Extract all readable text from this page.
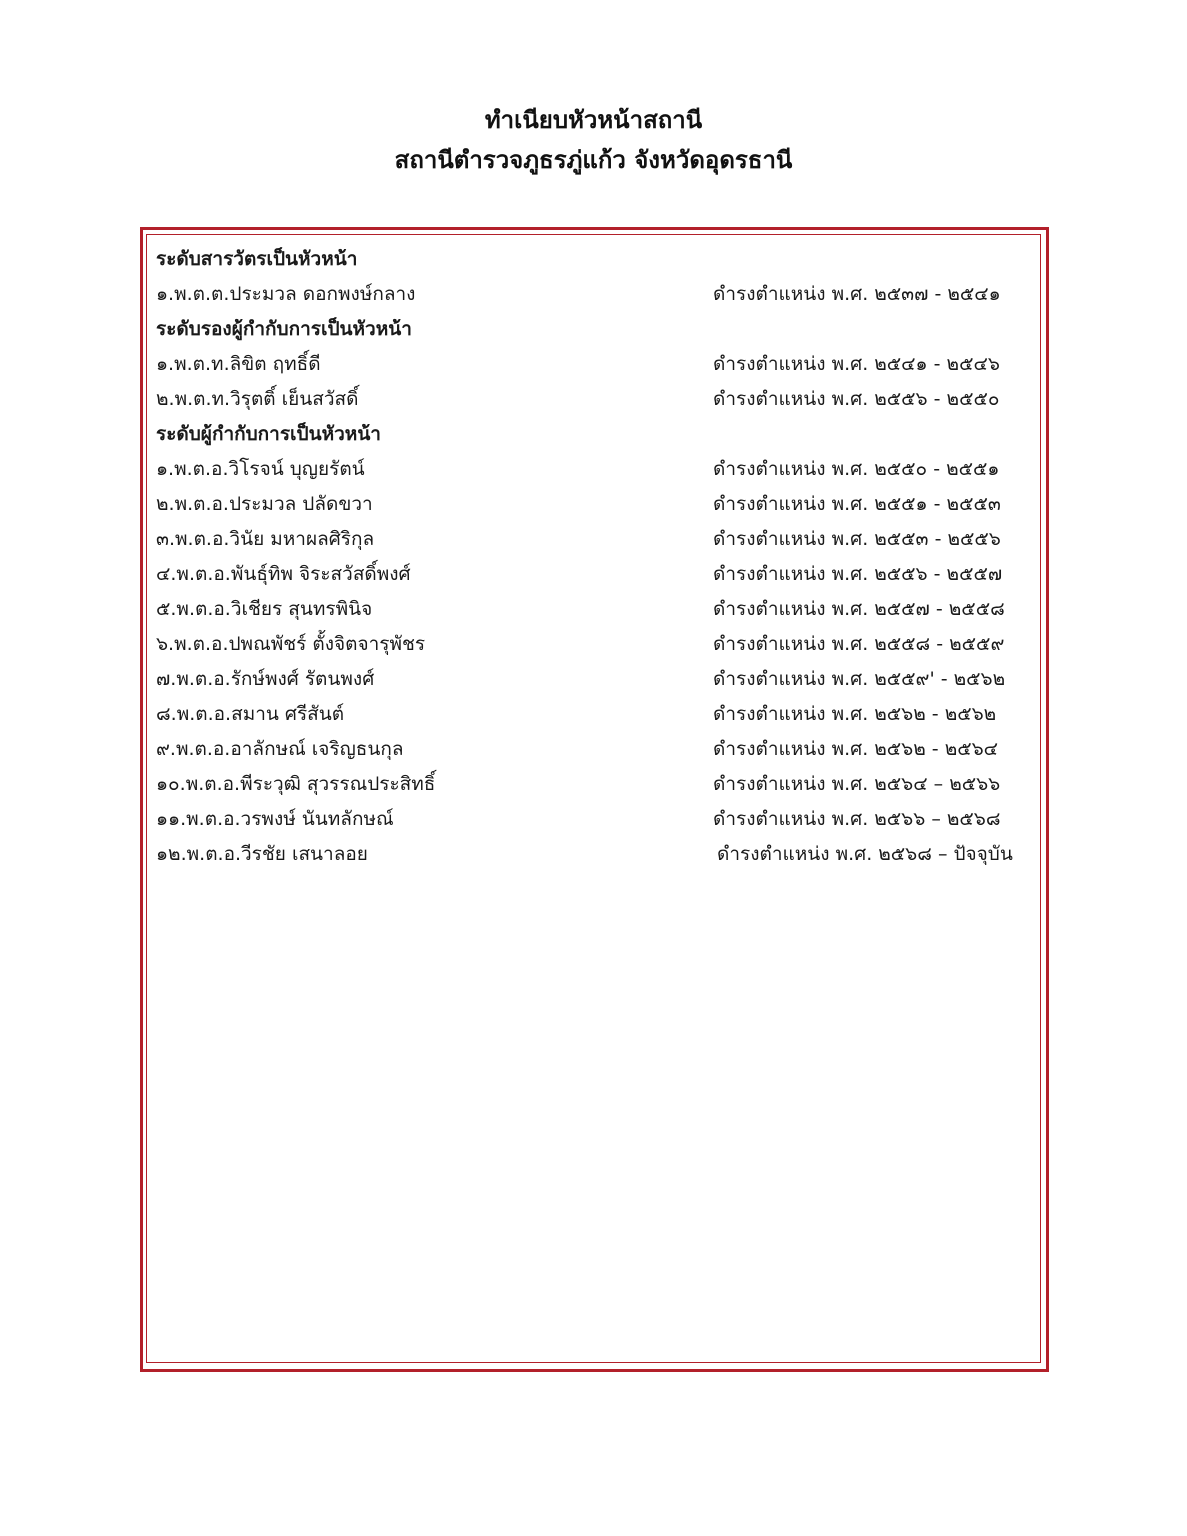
ทำเนียบหัวหน้าสถานี
สถานีตำรวจภูธรภู่แก้ว จังหวัดอุดรธานี
ระดับสารวัตรเป็นหัวหน้า
๑.พ.ต.ต.ประมวล ดอกพงษ์กลาง	ดำรงตำแหน่ง พ.ศ. ๒๕๓๗ - ๒๕๔๑
ระดับรองผู้กำกับการเป็นหัวหน้า
๑.พ.ต.ท.ลิขิต ฤทธิ์ดี	ดำรงตำแหน่ง พ.ศ. ๒๕๔๑ - ๒๕๔๖
๒.พ.ต.ท.วิรุตติ์ เย็นสวัสดิ์	ดำรงตำแหน่ง พ.ศ. ๒๕๕๖ - ๒๕๕๐
ระดับผู้กำกับการเป็นหัวหน้า
๑.พ.ต.อ.วิโรจน์ บุญยรัตน์	ดำรงตำแหน่ง พ.ศ. ๒๕๕๐ - ๒๕๕๑
๒.พ.ต.อ.ประมวล ปลัดขวา	ดำรงตำแหน่ง พ.ศ. ๒๕๕๑ - ๒๕๕๓
๓.พ.ต.อ.วินัย มหาผลศิริกุล	ดำรงตำแหน่ง พ.ศ. ๒๕๕๓ - ๒๕๕๖
๔.พ.ต.อ.พันธุ์ทิพ จิระสวัสดิ์พงศ์	ดำรงตำแหน่ง พ.ศ. ๒๕๕๖ - ๒๕๕๗
๕.พ.ต.อ.วิเชียร สุนทรพินิจ	ดำรงตำแหน่ง พ.ศ. ๒๕๕๗ - ๒๕๕๘
๖.พ.ต.อ.ปพณพัชร์ ตั้งจิตจารุพัชร	ดำรงตำแหน่ง พ.ศ. ๒๕๕๘ - ๒๕๕๙
๗.พ.ต.อ.รักษ์พงศ์ รัตนพงศ์	ดำรงตำแหน่ง พ.ศ. ๒๕๕๙' - ๒๕๖๒
๘.พ.ต.อ.สมาน ศรีสันต์	ดำรงตำแหน่ง พ.ศ. ๒๕๖๒ - ๒๕๖๒
๙.พ.ต.อ.อาลักษณ์ เจริญธนกุล	ดำรงตำแหน่ง พ.ศ. ๒๕๖๒ - ๒๕๖๔
๑๐.พ.ต.อ.พีระวุฒิ สุวรรณประสิทธิ์	ดำรงตำแหน่ง พ.ศ. ๒๕๖๔ – ๒๕๖๖
๑๑.พ.ต.อ.วรพงษ์ นันทลักษณ์	ดำรงตำแหน่ง พ.ศ. ๒๕๖๖ – ๒๕๖๘
๑๒.พ.ต.อ.วีรชัย เสนาลอย	ดำรงตำแหน่ง พ.ศ. ๒๕๖๘ – ปัจจุบัน
